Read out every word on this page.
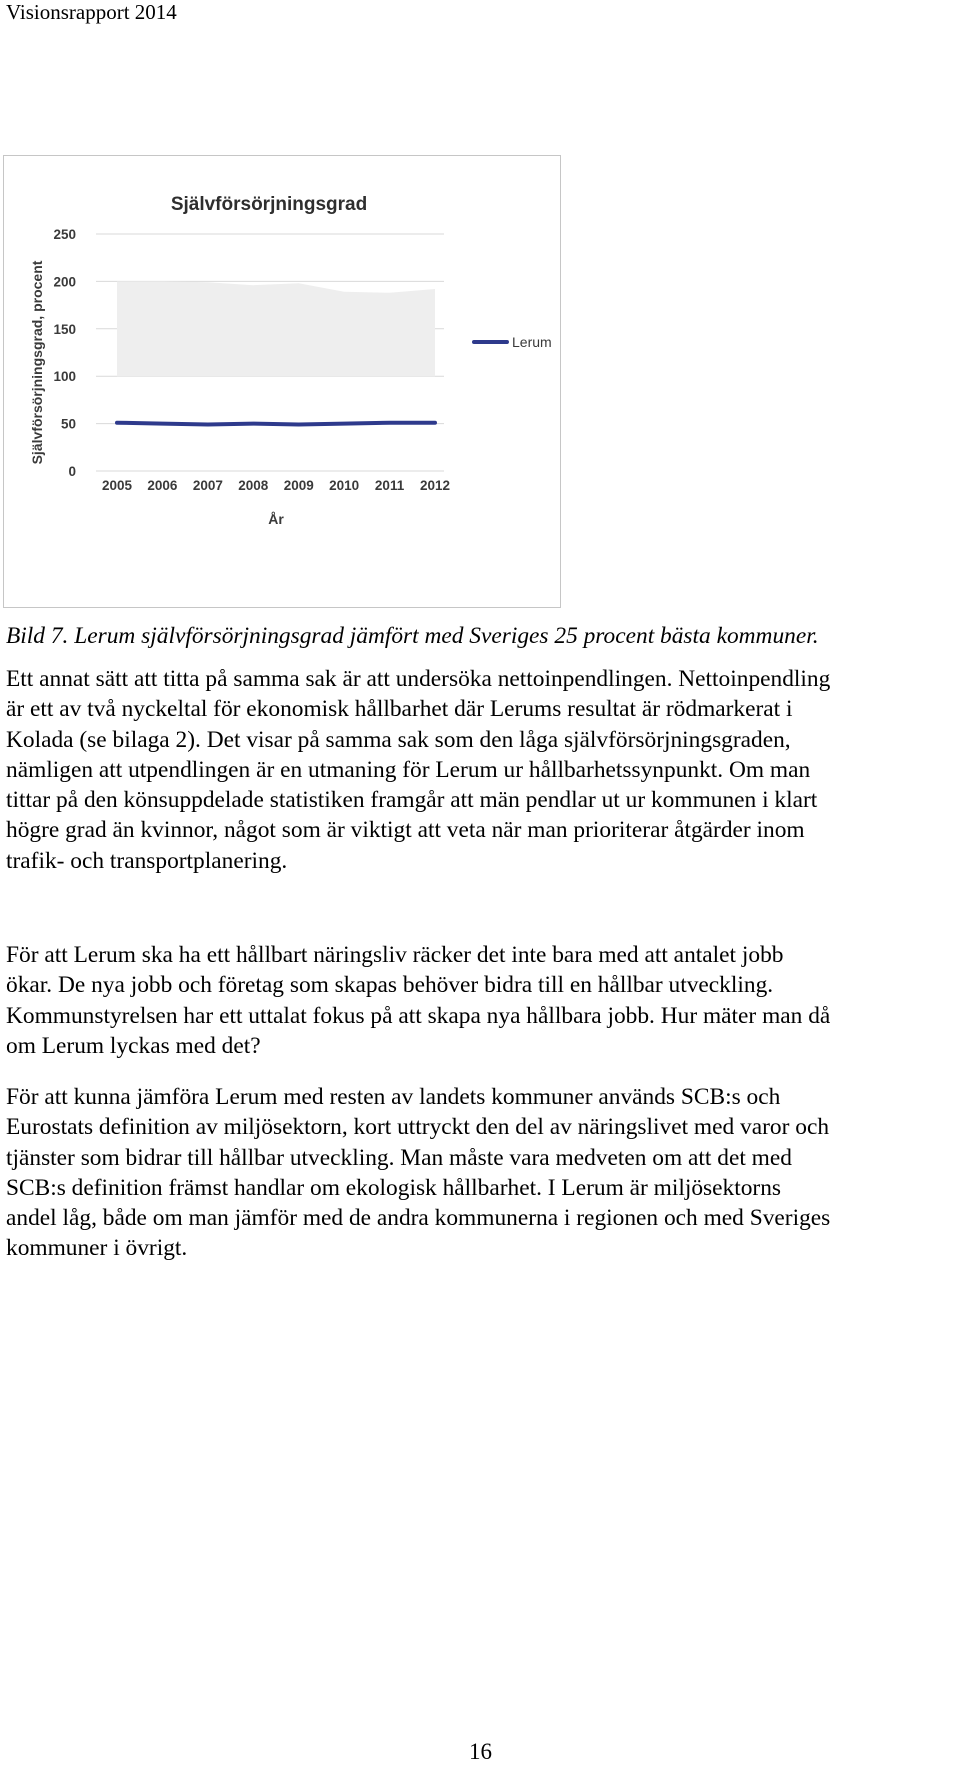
Visionsrapport 2014
Självförsörjningsgrad
0
50
100
150
200
250
2005 2006 2007 2008 2009 2010 2011 2012
År
Självförsörjningsgrad, procent	Lerum
Bild 7. Lerum självförsörjningsgrad jämfört med Sveriges 25 procent bästa kommuner.
Ett annat sätt att titta på samma sak är att undersöka nettoinpendlingen. Nettoinpendling
är ett av två nyckeltal för ekonomisk hållbarhet där Lerums resultat är rödmarkerat i
Kolada (se bilaga 2). Det visar på samma sak som den låga självförsörjningsgraden,
nämligen att utpendlingen är en utmaning för Lerum ur hållbarhetssynpunkt. Om man
tittar på den könsuppdelade statistiken framgår att män pendlar ut ur kommunen i klart
högre grad än kvinnor, något som är viktigt att veta när man prioriterar åtgärder inom
trafik- och transportplanering.
För att Lerum ska ha ett hållbart näringsliv räcker det inte bara med att antalet jobb
ökar. De nya jobb och företag som skapas behöver bidra till en hållbar utveckling.
Kommunstyrelsen har ett uttalat fokus på att skapa nya hållbara jobb. Hur mäter man då
om Lerum lyckas med det?
För att kunna jämföra Lerum med resten av landets kommuner används SCB:s och
Eurostats definition av miljösektorn, kort uttryckt den del av näringslivet med varor och
tjänster som bidrar till hållbar utveckling. Man måste vara medveten om att det med
SCB:s definition främst handlar om ekologisk hållbarhet. I Lerum är miljösektorns
andel låg, både om man jämför med de andra kommunerna i regionen och med Sveriges
kommuner i övrigt.
16
